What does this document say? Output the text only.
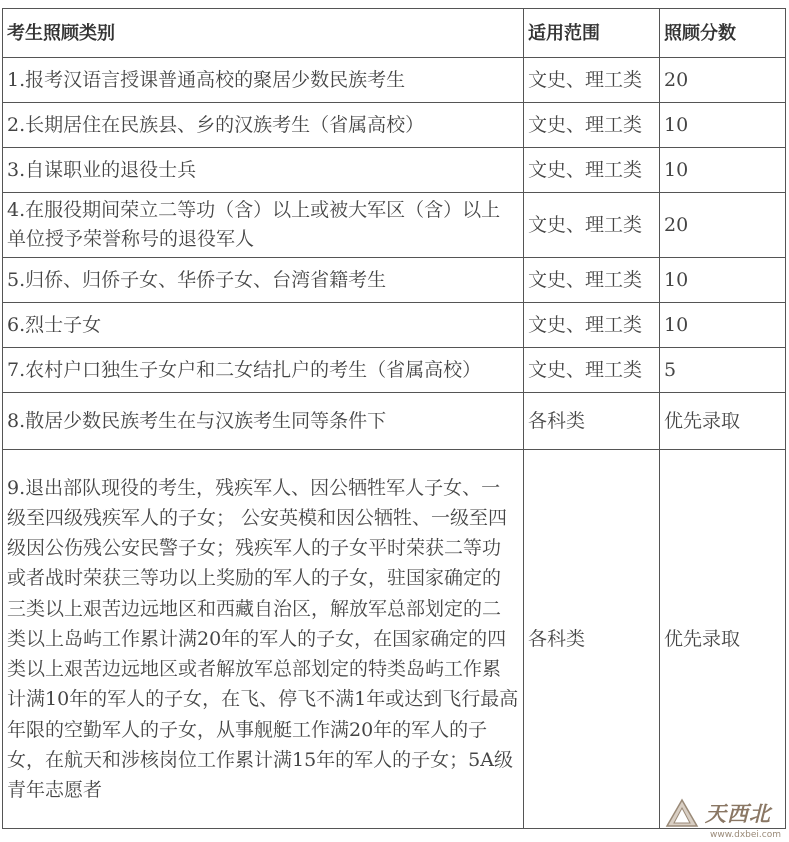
考生照顾类别	适用范围	照顾分数
1.报考汉语言授课普通高校的聚居少数民族考生	文史、理工类	20
2.长期居住在民族县、乡的汉族考生（省属高校）	文史、理工类	10
3.自谋职业的退役士兵	文史、理工类	10
4.在服役期间荣立二等功（含）以上或被大军区（含）以上单位授予荣誉称号的退役军人	文史、理工类	20
5.归侨、归侨子女、华侨子女、台湾省籍考生	文史、理工类	10
6.烈士子女	文史、理工类	10
7.农村户口独生子女户和二女结扎户的考生（省属高校）	文史、理工类	5
8.散居少数民族考生在与汉族考生同等条件下	各科类	优先录取
9.退出部队现役的考生，残疾军人、因公牺牲军人子女、一级至四级残疾军人的子女； 公安英模和因公牺牲、一级至四级因公伤残公安民警子女；残疾军人的子女平时荣获二等功或者战时荣获三等功以上奖励的军人的子女，驻国家确定的三类以上艰苦边远地区和西藏自治区，解放军总部划定的二类以上岛屿工作累计满20年的军人的子女，在国家确定的四类以上艰苦边远地区或者解放军总部划定的特类岛屿工作累计满10年的军人的子女，在飞、停飞不满1年或达到飞行最高年限的空勤军人的子女，从事舰艇工作满20年的军人的子女，在航天和涉核岗位工作累计满15年的军人的子女；5A级青年志愿者	各科类	优先录取
天西北
www.dxbei.com
